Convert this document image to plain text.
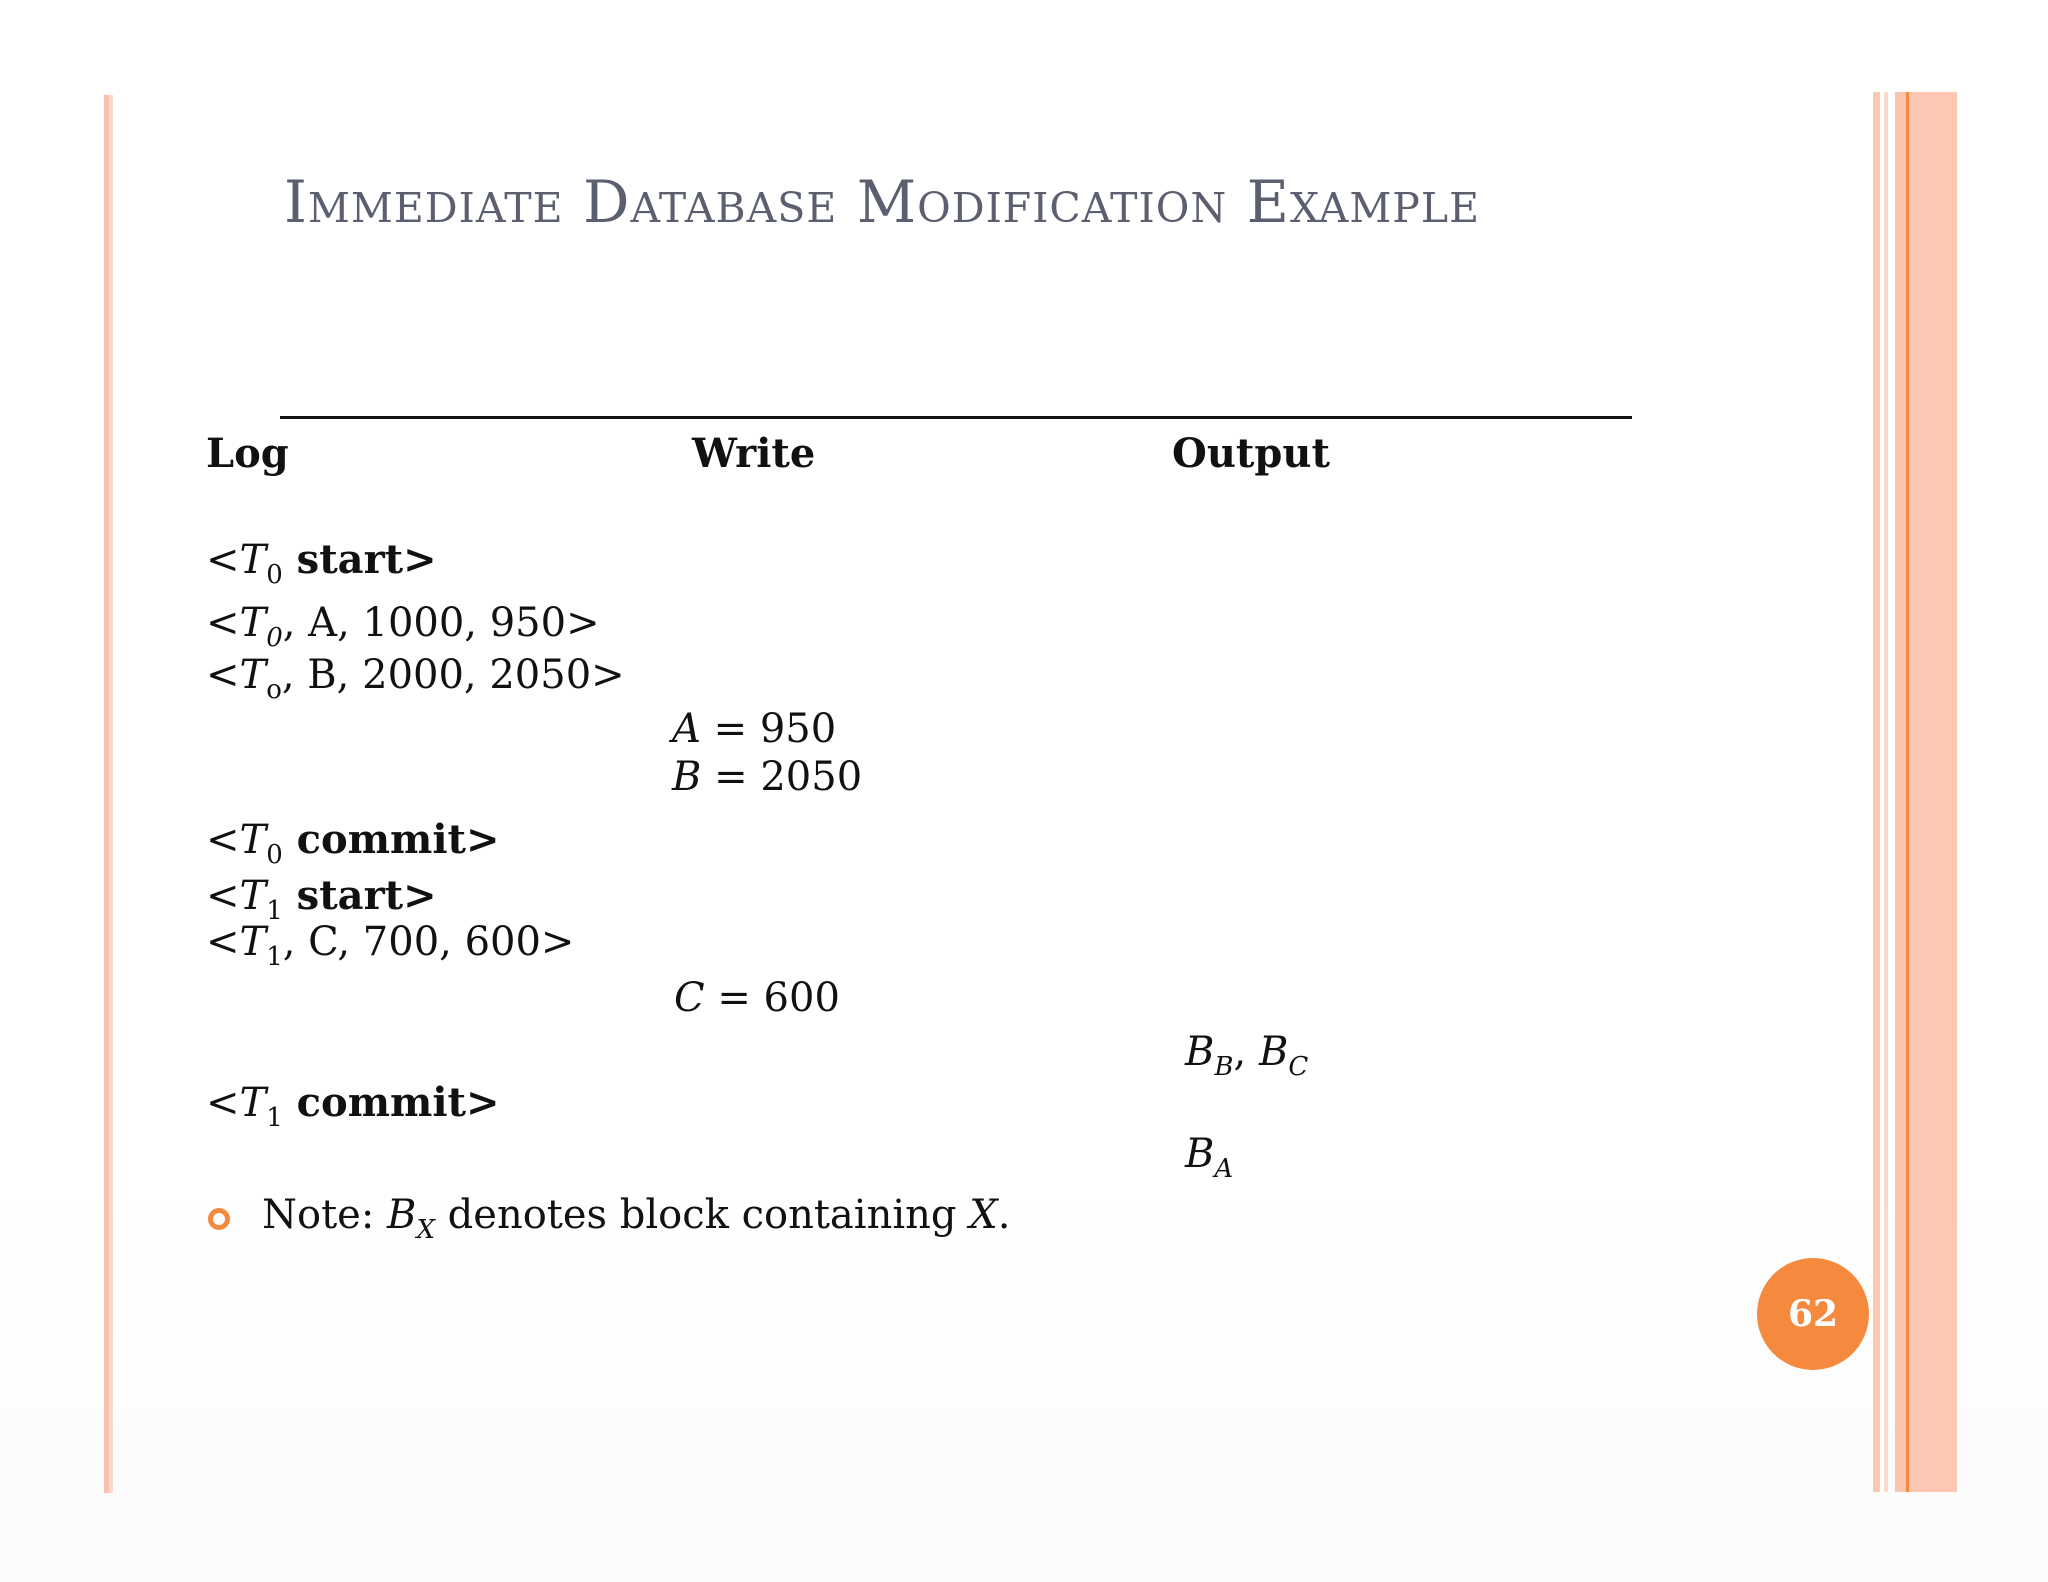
Immediate Database Modification Example
Log	Write	Output
$<T_0$ start>
$<T_0$, A, 1000, 950>
$<T_o$, B, 2000, 2050>
A = 950
B = 2050
$<T_0$ commit>
$<T_1$ start>
$<T_1$, C, 700, 600>
C = 600
$B_B$, $B_C$
$<T_1$ commit>
$B_A$
Note: $B_X$ denotes block containing X.
62
